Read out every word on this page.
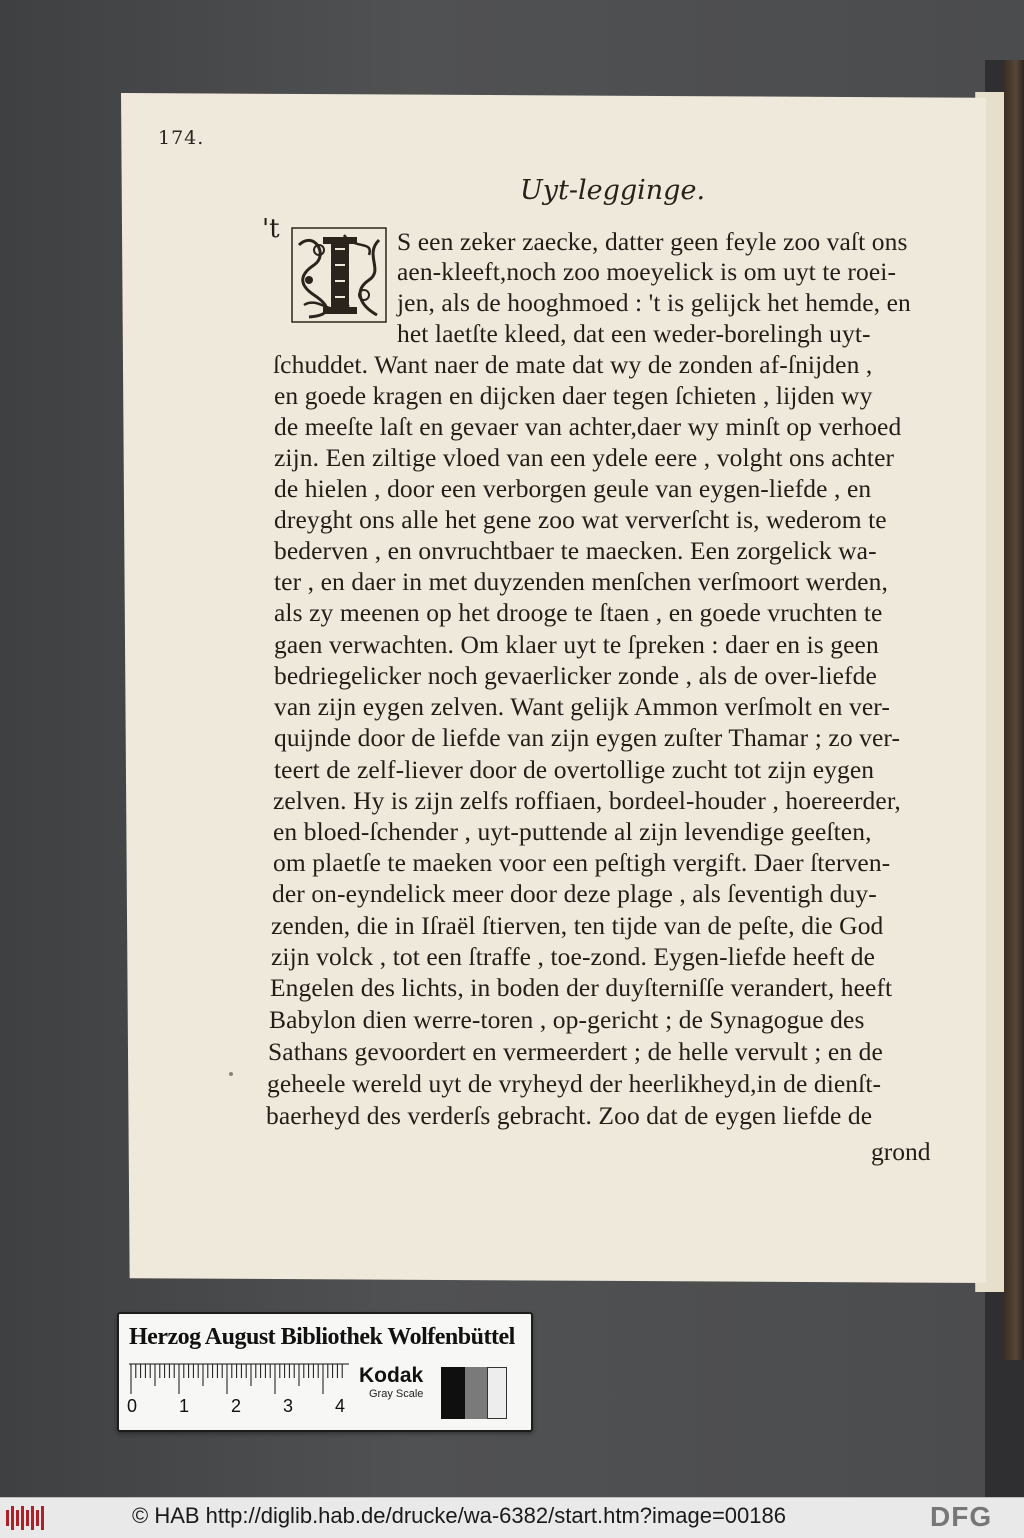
174.
Uyt-legginge.
't	S een zeker zaecke, datter geen feyle zoo vaſt ons
aen-kleeft,noch zoo moeyelick is om uyt te roei-
jen, als de hooghmoed : 't is gelijck het hemde, en
het laetſte kleed, dat een weder-borelingh uyt-
ſchuddet. Want naer de mate dat wy de zonden af-ſnijden ,
en goede kragen en dijcken daer tegen ſchieten , lijden wy
de meeſte laſt en gevaer van achter,daer wy minſt op verhoed
zijn. Een ziltige vloed van een ydele eere , volght ons achter
de hielen , door een verborgen geule van eygen-liefde , en
dreyght ons alle het gene zoo wat ververſcht is, wederom te
bederven , en onvruchtbaer te maecken. Een zorgelick wa-
ter , en daer in met duyzenden menſchen verſmoort werden,
als zy meenen op het drooge te ſtaen , en goede vruchten te
gaen verwachten. Om klaer uyt te ſpreken : daer en is geen
bedriegelicker noch gevaerlicker zonde , als de over-liefde
van zijn eygen zelven. Want gelijk Ammon verſmolt en ver-
quijnde door de liefde van zijn eygen zuſter Thamar ; zo ver-
teert de zelf-liever door de overtollige zucht tot zijn eygen
zelven. Hy is zijn zelfs roffiaen, bordeel-houder , hoereerder,
en bloed-ſchender , uyt-puttende al zijn levendige geeſten,
om plaetſe te maeken voor een peſtigh vergift. Daer ſterven-
der on-eyndelick meer door deze plage , als ſeventigh duy-
zenden, die in Iſraël ſtierven, ten tijde van de peſte, die God
zijn volck , tot een ſtraffe , toe-zond. Eygen-liefde heeft de
Engelen des lichts, in boden der duyſterniſſe verandert, heeft
Babylon dien werre-toren , op-gericht ; de Synagogue des
Sathans gevoordert en vermeerdert ; de helle vervult ; en de
geheele wereld uyt de vryheyd der heerlikheyd,in de dienſt-
baerheyd des verderſs gebracht. Zoo dat de eygen liefde de
grond
Herzog August Bibliothek Wolfenbüttel
0 1 2 3 4
Kodak
Gray Scale
© HAB http://diglib.hab.de/drucke/wa-6382/start.htm?image=00186	DFG
